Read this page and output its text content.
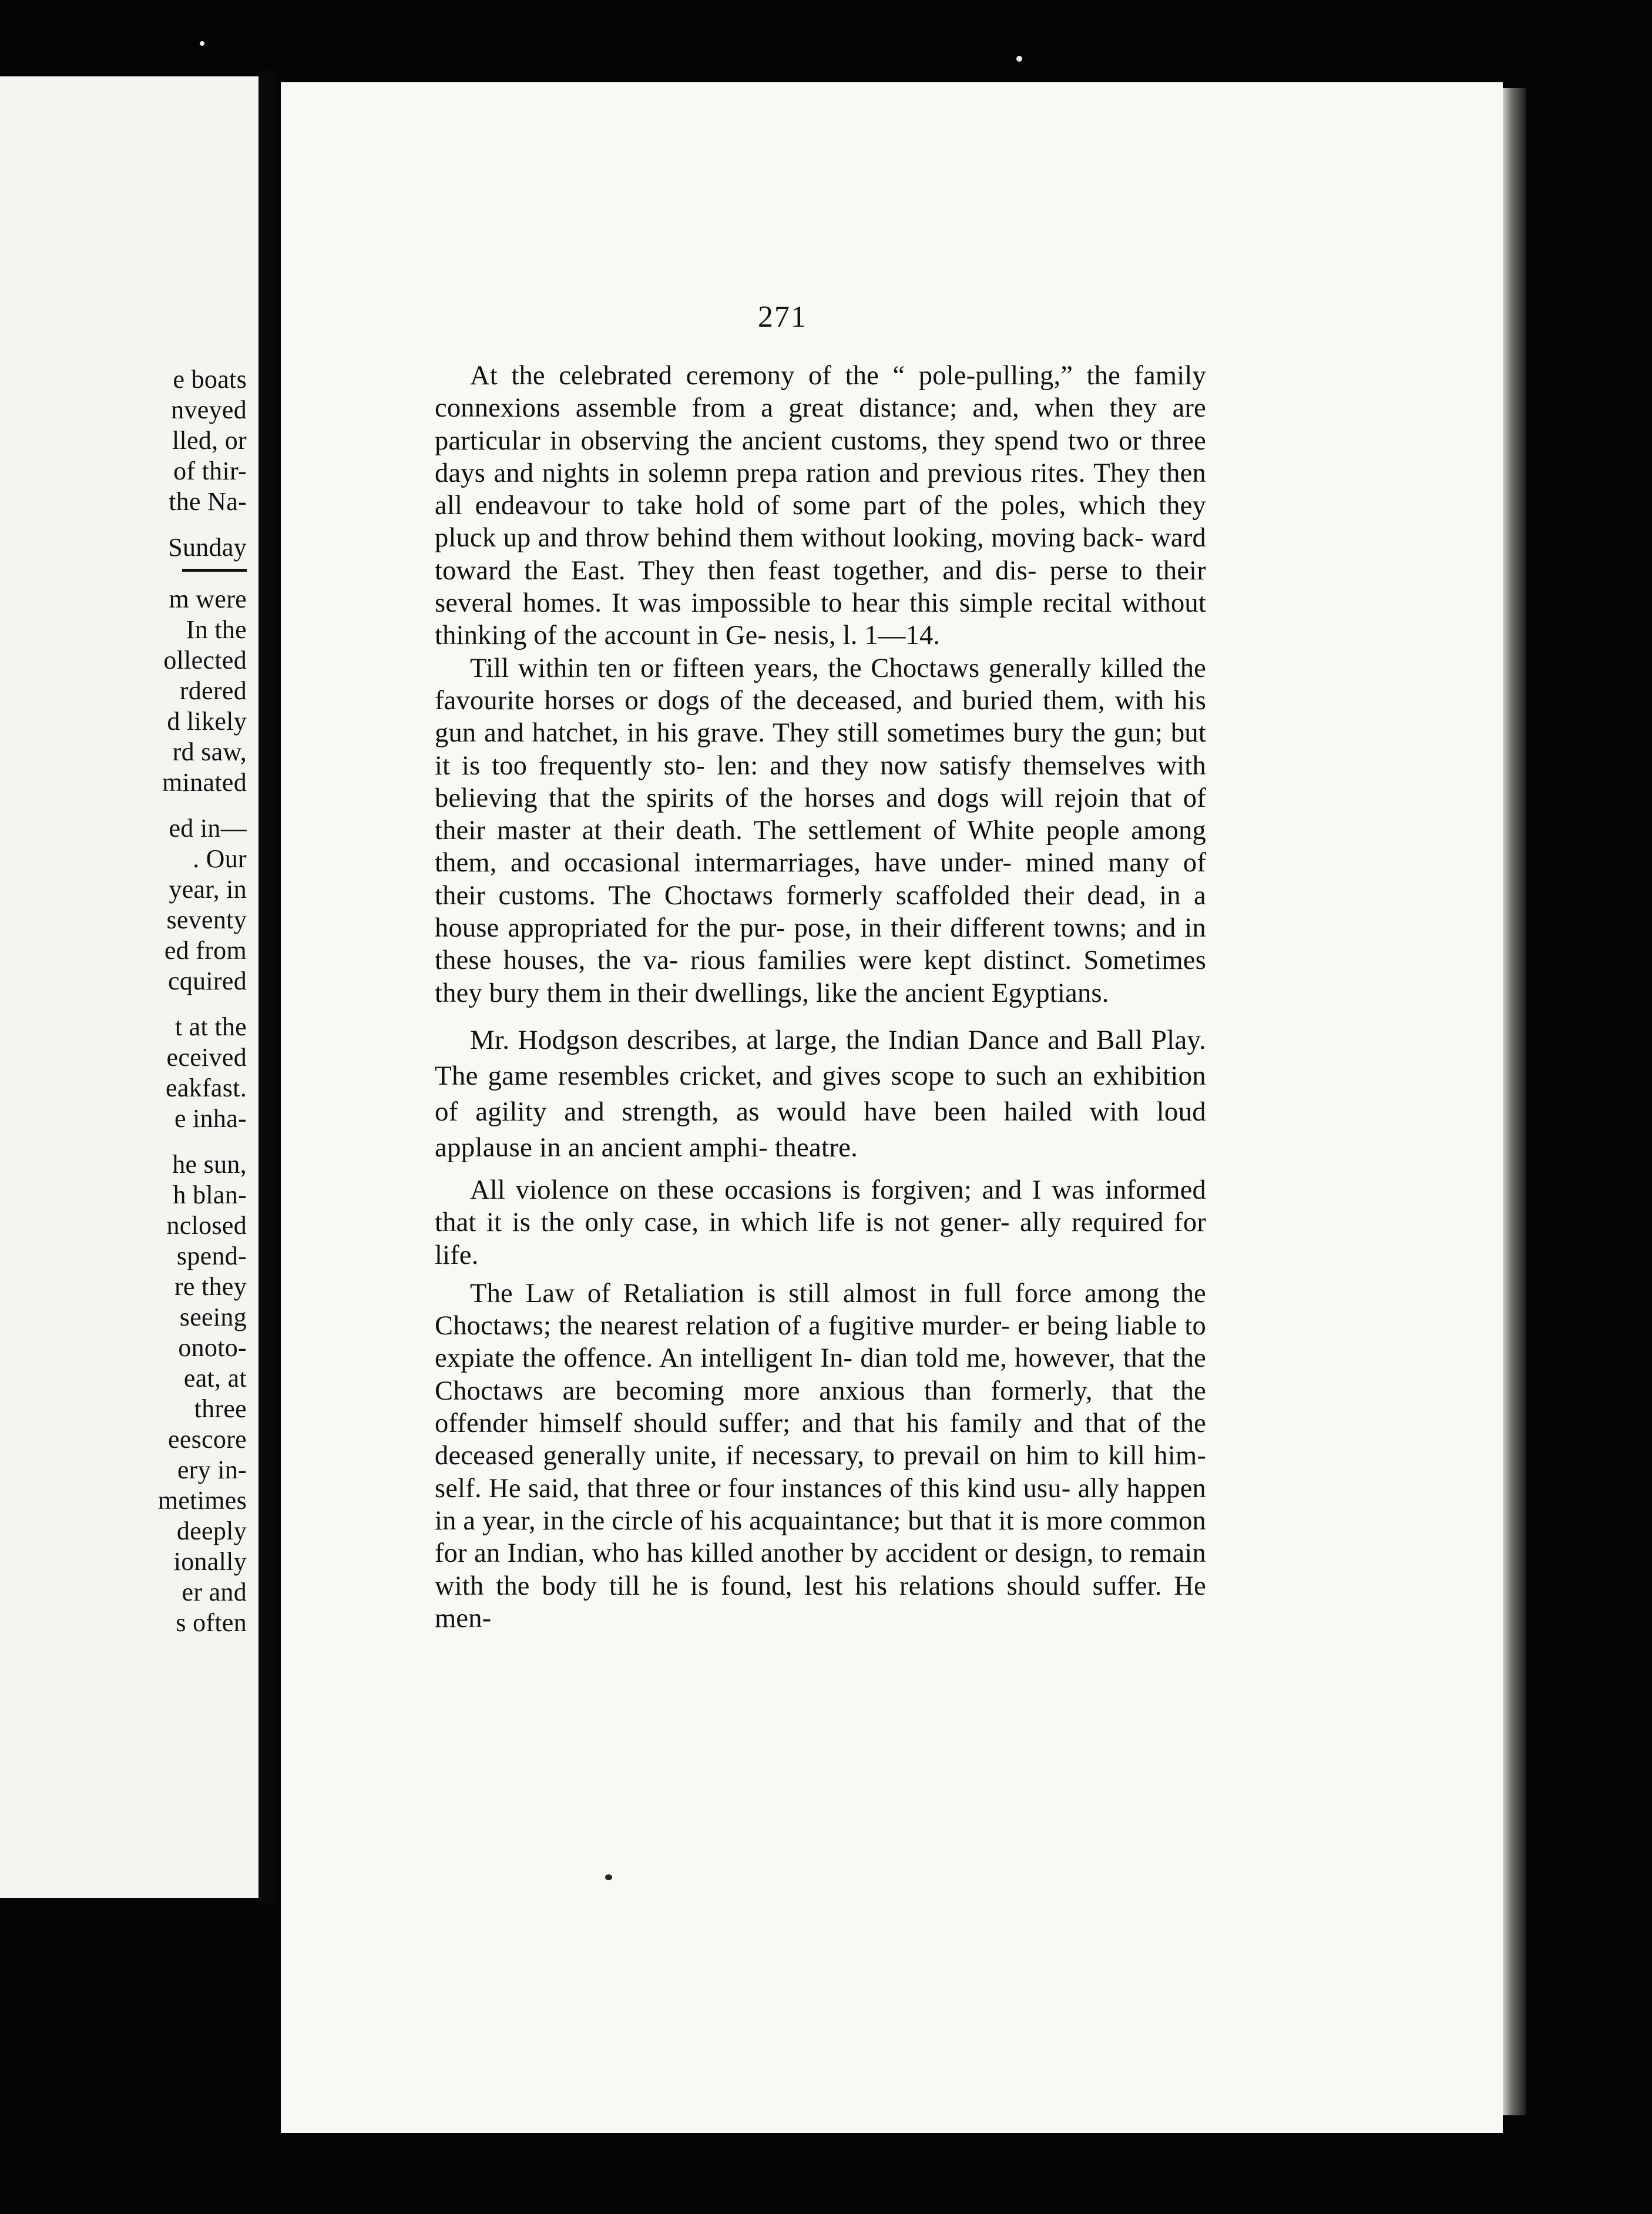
e boats
nveyed
lled, or
of thir-
the Na-
Sunday
m were
In the
ollected
rdered
d likely
rd saw,
minated
ed in—
. Our
year, in
seventy
ed from
cquired
t at the
eceived
eakfast.
e inha-
he sun,
h blan-
nclosed
spend-
re they
seeing
onoto-
eat, at
three
eescore
ery in-
metimes
deeply
ionally
er and
s often
271

At the celebrated ceremony of the “ pole-pulling,” the family connexions assemble from a great distance; and, when they are particular in observing the ancient customs, they spend two or three days and nights in solemn prepa ration and previous rites. They then all endeavour to take hold of some part of the poles, which they pluck up and throw behind them without looking, moving back- ward toward the East. They then feast together, and dis- perse to their several homes. It was impossible to hear this simple recital without thinking of the account in Ge- nesis, l. 1—14.

Till within ten or fifteen years, the Choctaws generally killed the favourite horses or dogs of the deceased, and buried them, with his gun and hatchet, in his grave. They still sometimes bury the gun; but it is too frequently sto- len: and they now satisfy themselves with believing that the spirits of the horses and dogs will rejoin that of their master at their death. The settlement of White people among them, and occasional intermarriages, have under- mined many of their customs. The Choctaws formerly scaffolded their dead, in a house appropriated for the pur- pose, in their different towns; and in these houses, the va- rious families were kept distinct. Sometimes they bury them in their dwellings, like the ancient Egyptians.

Mr. Hodgson describes, at large, the Indian Dance and Ball Play. The game resembles cricket, and gives scope to such an exhibition of agility and strength, as would have been hailed with loud applause in an ancient amphi- theatre.

All violence on these occasions is forgiven; and I was informed that it is the only case, in which life is not gener- ally required for life.

The Law of Retaliation is still almost in full force among the Choctaws; the nearest relation of a fugitive murder- er being liable to expiate the offence. An intelligent In- dian told me, however, that the Choctaws are becoming more anxious than formerly, that the offender himself should suffer; and that his family and that of the deceased generally unite, if necessary, to prevail on him to kill him- self. He said, that three or four instances of this kind usu- ally happen in a year, in the circle of his acquaintance; but that it is more common for an Indian, who has killed another by accident or design, to remain with the body till he is found, lest his relations should suffer. He men-
